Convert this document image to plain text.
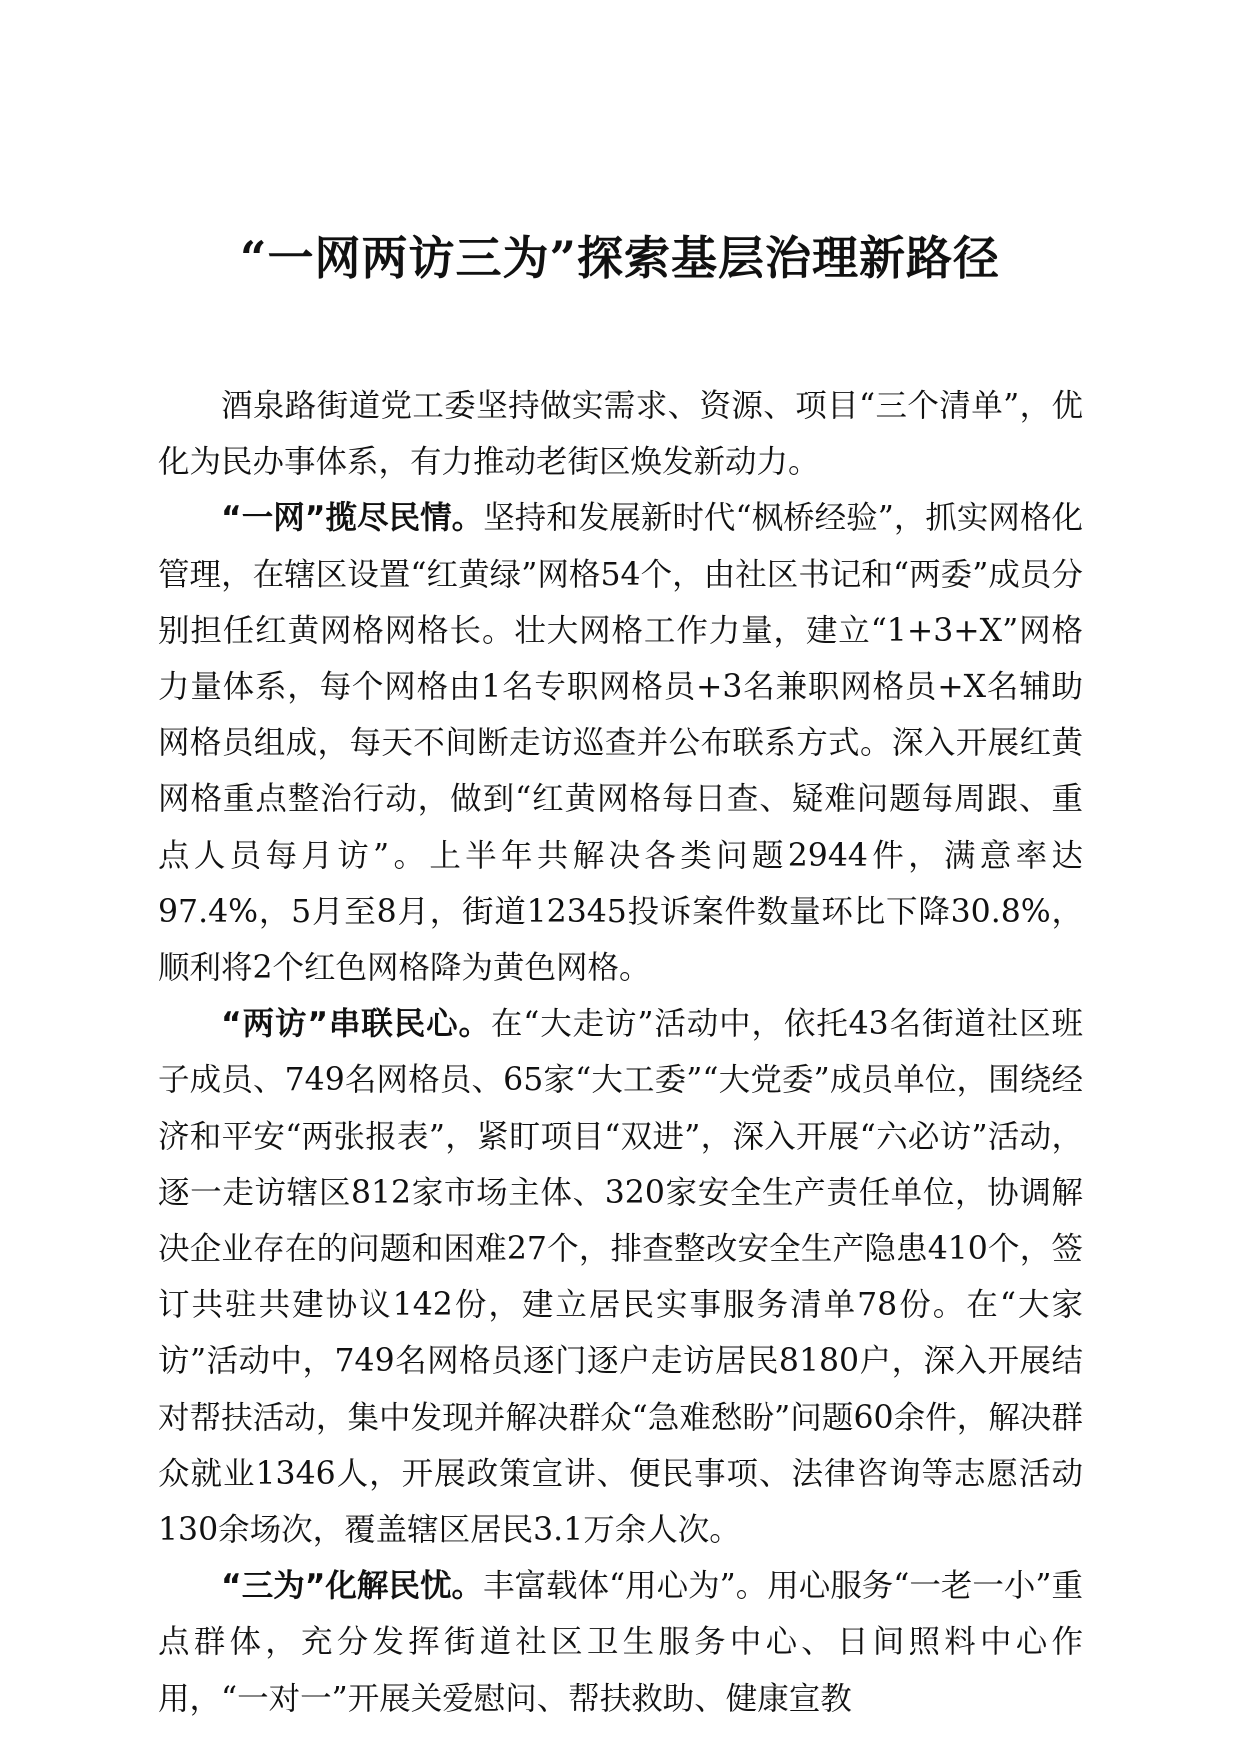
“一网两访三为”探索基层治理新路径

酒泉路街道党工委坚持做实需求、资源、项目“三个清单”，优化为民办事体系，有力推动老街区焕发新动力。

“一网”揽尽民情。坚持和发展新时代“枫桥经验”，抓实网格化管理，在辖区设置“红黄绿”网格54个，由社区书记和“两委”成员分别担任红黄网格网格长。壮大网格工作力量，建立“1+3+X”网格力量体系，每个网格由1名专职网格员+3名兼职网格员+X名辅助网格员组成，每天不间断走访巡查并公布联系方式。深入开展红黄网格重点整治行动，做到“红黄网格每日查、疑难问题每周跟、重点人员每月访”。上半年共解决各类问题2944件，满意率达97.4%，5月至8月，街道12345投诉案件数量环比下降30.8%，顺利将2个红色网格降为黄色网格。

“两访”串联民心。在“大走访”活动中，依托43名街道社区班子成员、749名网格员、65家“大工委”“大党委”成员单位，围绕经济和平安“两张报表”，紧盯项目“双进”，深入开展“六必访”活动，逐一走访辖区812家市场主体、320家安全生产责任单位，协调解决企业存在的问题和困难27个，排查整改安全生产隐患410个，签订共驻共建协议142份，建立居民实事服务清单78份。在“大家访”活动中，749名网格员逐门逐户走访居民8180户，深入开展结对帮扶活动，集中发现并解决群众“急难愁盼”问题60余件，解决群众就业1346人，开展政策宣讲、便民事项、法律咨询等志愿活动130余场次，覆盖辖区居民3.1万余人次。

“三为”化解民忧。丰富载体“用心为”。用心服务“一老一小”重点群体，充分发挥街道社区卫生服务中心、日间照料中心作用，“一对一”开展关爱慰问、帮扶救助、健康宣教
